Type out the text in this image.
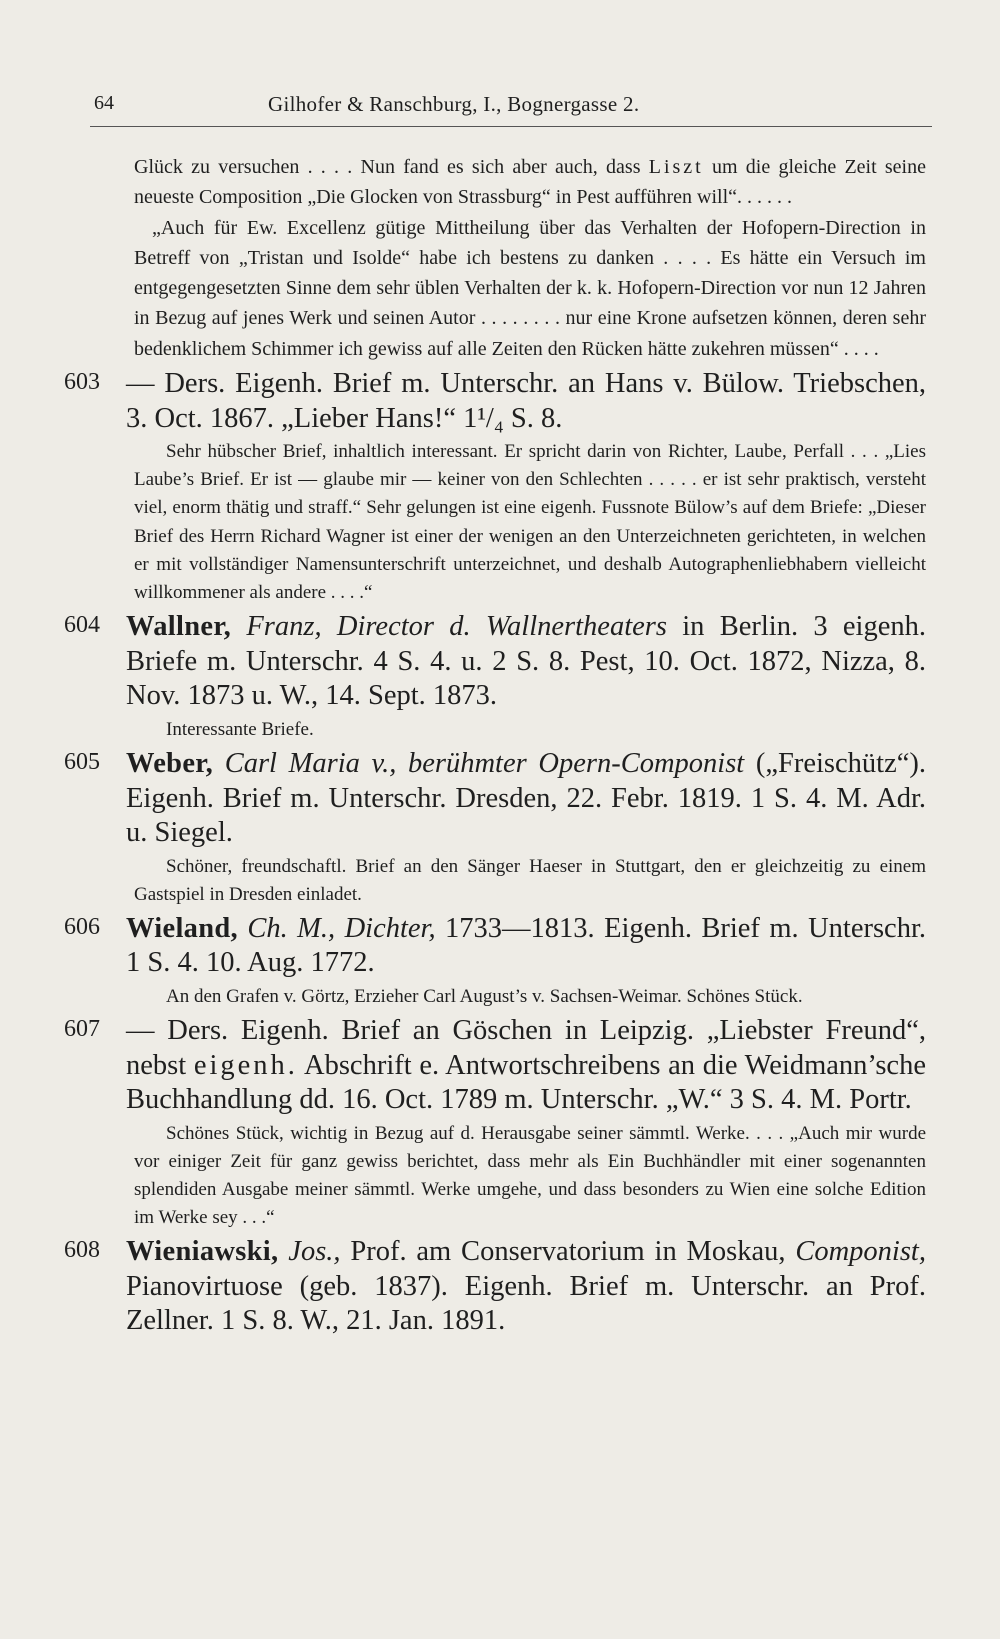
64	Gilhofer & Ranschburg, I., Bognergasse 2.

Glück zu versuchen . . . . Nun fand es sich aber auch, dass Liszt um die gleiche Zeit seine neueste Composition „Die Glocken von Strassburg“ in Pest aufführen will“. . . . . .

„Auch für Ew. Excellenz gütige Mittheilung über das Verhalten der Hofopern-Direction in Betreff von „Tristan und Isolde“ habe ich bestens zu danken . . . . Es hätte ein Versuch im entgegengesetzten Sinne dem sehr üblen Verhalten der k. k. Hofopern-Direction vor nun 12 Jahren in Bezug auf jenes Werk und seinen Autor . . . . . . . . nur eine Krone aufsetzen können, deren sehr bedenklichem Schimmer ich gewiss auf alle Zeiten den Rücken hätte zukehren müssen“ . . . .

603 — Ders. Eigenh. Brief m. Unterschr. an Hans v. Bülow. Triebschen, 3. Oct. 1867. „Lieber Hans!“ 1¹/₄ S. 8.

Sehr hübscher Brief, inhaltlich interessant. Er spricht darin von Richter, Laube, Perfall . . . „Lies Laube’s Brief. Er ist — glaube mir — keiner von den Schlechten . . . . . er ist sehr praktisch, versteht viel, enorm thätig und straff.“ Sehr gelungen ist eine eigenh. Fussnote Bülow’s auf dem Briefe: „Dieser Brief des Herrn Richard Wagner ist einer der wenigen an den Unterzeichneten gerichteten, in welchen er mit vollständiger Namensunterschrift unterzeichnet, und deshalb Autographenliebhabern vielleicht willkommener als andere . . . .“

604 Wallner, Franz, Director d. Wallnertheaters in Berlin. 3 eigenh. Briefe m. Unterschr. 4 S. 4. u. 2 S. 8. Pest, 10. Oct. 1872, Nizza, 8. Nov. 1873 u. W., 14. Sept. 1873.

Interessante Briefe.

605 Weber, Carl Maria v., berühmter Opern-Componist („Freischütz“). Eigenh. Brief m. Unterschr. Dresden, 22. Febr. 1819. 1 S. 4. M. Adr. u. Siegel.

Schöner, freundschaftl. Brief an den Sänger Haeser in Stuttgart, den er gleichzeitig zu einem Gastspiel in Dresden einladet.

606 Wieland, Ch. M., Dichter, 1733—1813. Eigenh. Brief m. Unterschr. 1 S. 4. 10. Aug. 1772.

An den Grafen v. Görtz, Erzieher Carl August’s v. Sachsen-Weimar. Schönes Stück.

607 — Ders. Eigenh. Brief an Göschen in Leipzig. „Liebster Freund“, nebst eigenh. Abschrift e. Antwortschreibens an die Weidmann’sche Buchhandlung dd. 16. Oct. 1789 m. Unterschr. „W.“ 3 S. 4. M. Portr.

Schönes Stück, wichtig in Bezug auf d. Herausgabe seiner sämmtl. Werke. . . . „Auch mir wurde vor einiger Zeit für ganz gewiss berichtet, dass mehr als Ein Buchhändler mit einer sogenannten splendiden Ausgabe meiner sämmtl. Werke umgehe, und dass besonders zu Wien eine solche Edition im Werke sey . . .“

608 Wieniawski, Jos., Prof. am Conservatorium in Moskau, Componist, Pianovirtuose (geb. 1837). Eigenh. Brief m. Unterschr. an Prof. Zellner. 1 S. 8. W., 21. Jan. 1891.
